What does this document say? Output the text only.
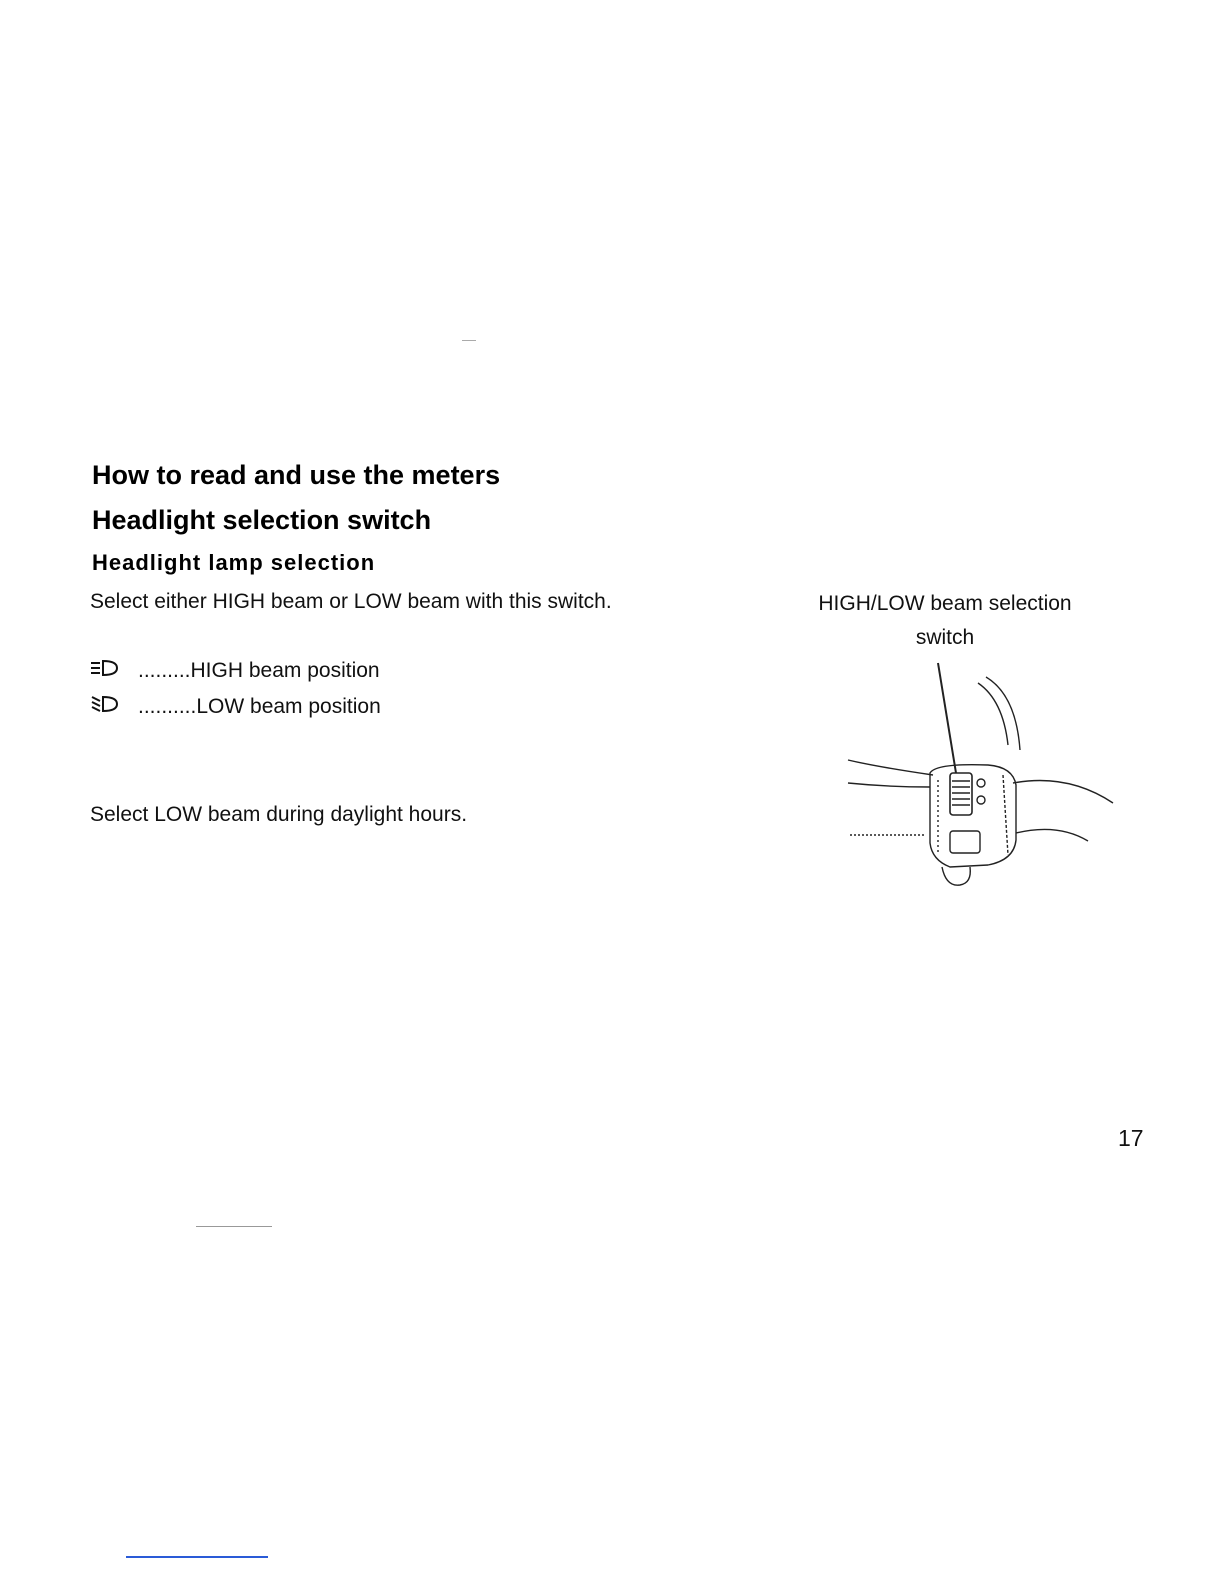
How to read and use the meters
Headlight selection switch
Headlight lamp selection
Select either HIGH beam or LOW beam with this switch.
.........HIGH beam position
..........LOW beam position
Select LOW beam during daylight hours.
HIGH/LOW beam selection
switch
17
